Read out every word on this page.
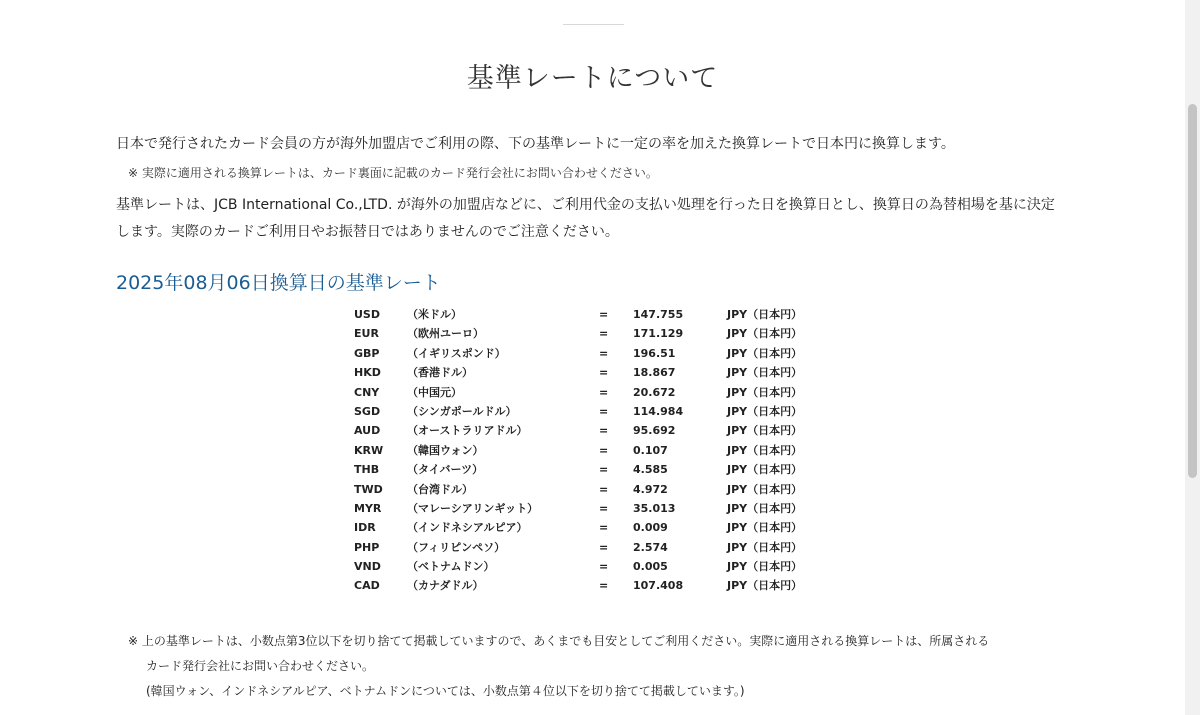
基準レートについて
日本で発行されたカード会員の方が海外加盟店でご利用の際、下の基準レートに一定の率を加えた換算レートで日本円に換算します。
※ 実際に適用される換算レートは、カード裏面に記載のカード発行会社にお問い合わせください。
基準レートは、JCB International Co.,LTD. が海外の加盟店などに、ご利用代金の支払い処理を行った日を換算日とし、換算日の為替相場を基に決定します。実際のカードご利用日やお振替日ではありませんのでご注意ください。
2025年08月06日換算日の基準レート
USD （米ドル）	= 147.755	JPY（日本円）
EUR	（欧州ユーロ）	= 171.129	JPY（日本円）
GBP	（イギリスポンド）	= 196.51	JPY（日本円）
HKD （香港ドル）	= 18.867	JPY（日本円）
CNY	（中国元）	= 20.672	JPY（日本円）
SGD （シンガポールドル）	= 114.984	JPY（日本円）
AUD （オーストラリアドル）	= 95.692	JPY（日本円）
KRW （韓国ウォン）	= 0.107	JPY（日本円）
THB	（タイバーツ）	= 4.585	JPY（日本円）
TWD （台湾ドル）	= 4.972	JPY（日本円）
MYR （マレーシアリンギット）	= 35.013	JPY（日本円）
IDR	（インドネシアルピア）	= 0.009	JPY（日本円）
PHP	（フィリピンペソ）	= 2.574	JPY（日本円）
VND （ベトナムドン）	= 0.005	JPY（日本円）
CAD （カナダドル）	= 107.408	JPY（日本円）
※ 上の基準レートは、小数点第3位以下を切り捨てて掲載していますので、あくまでも目安としてご利用ください。実際に適用される換算レートは、所属される
カード発行会社にお問い合わせください。
(韓国ウォン、インドネシアルピア、ベトナムドンについては、小数点第４位以下を切り捨てて掲載しています。)
